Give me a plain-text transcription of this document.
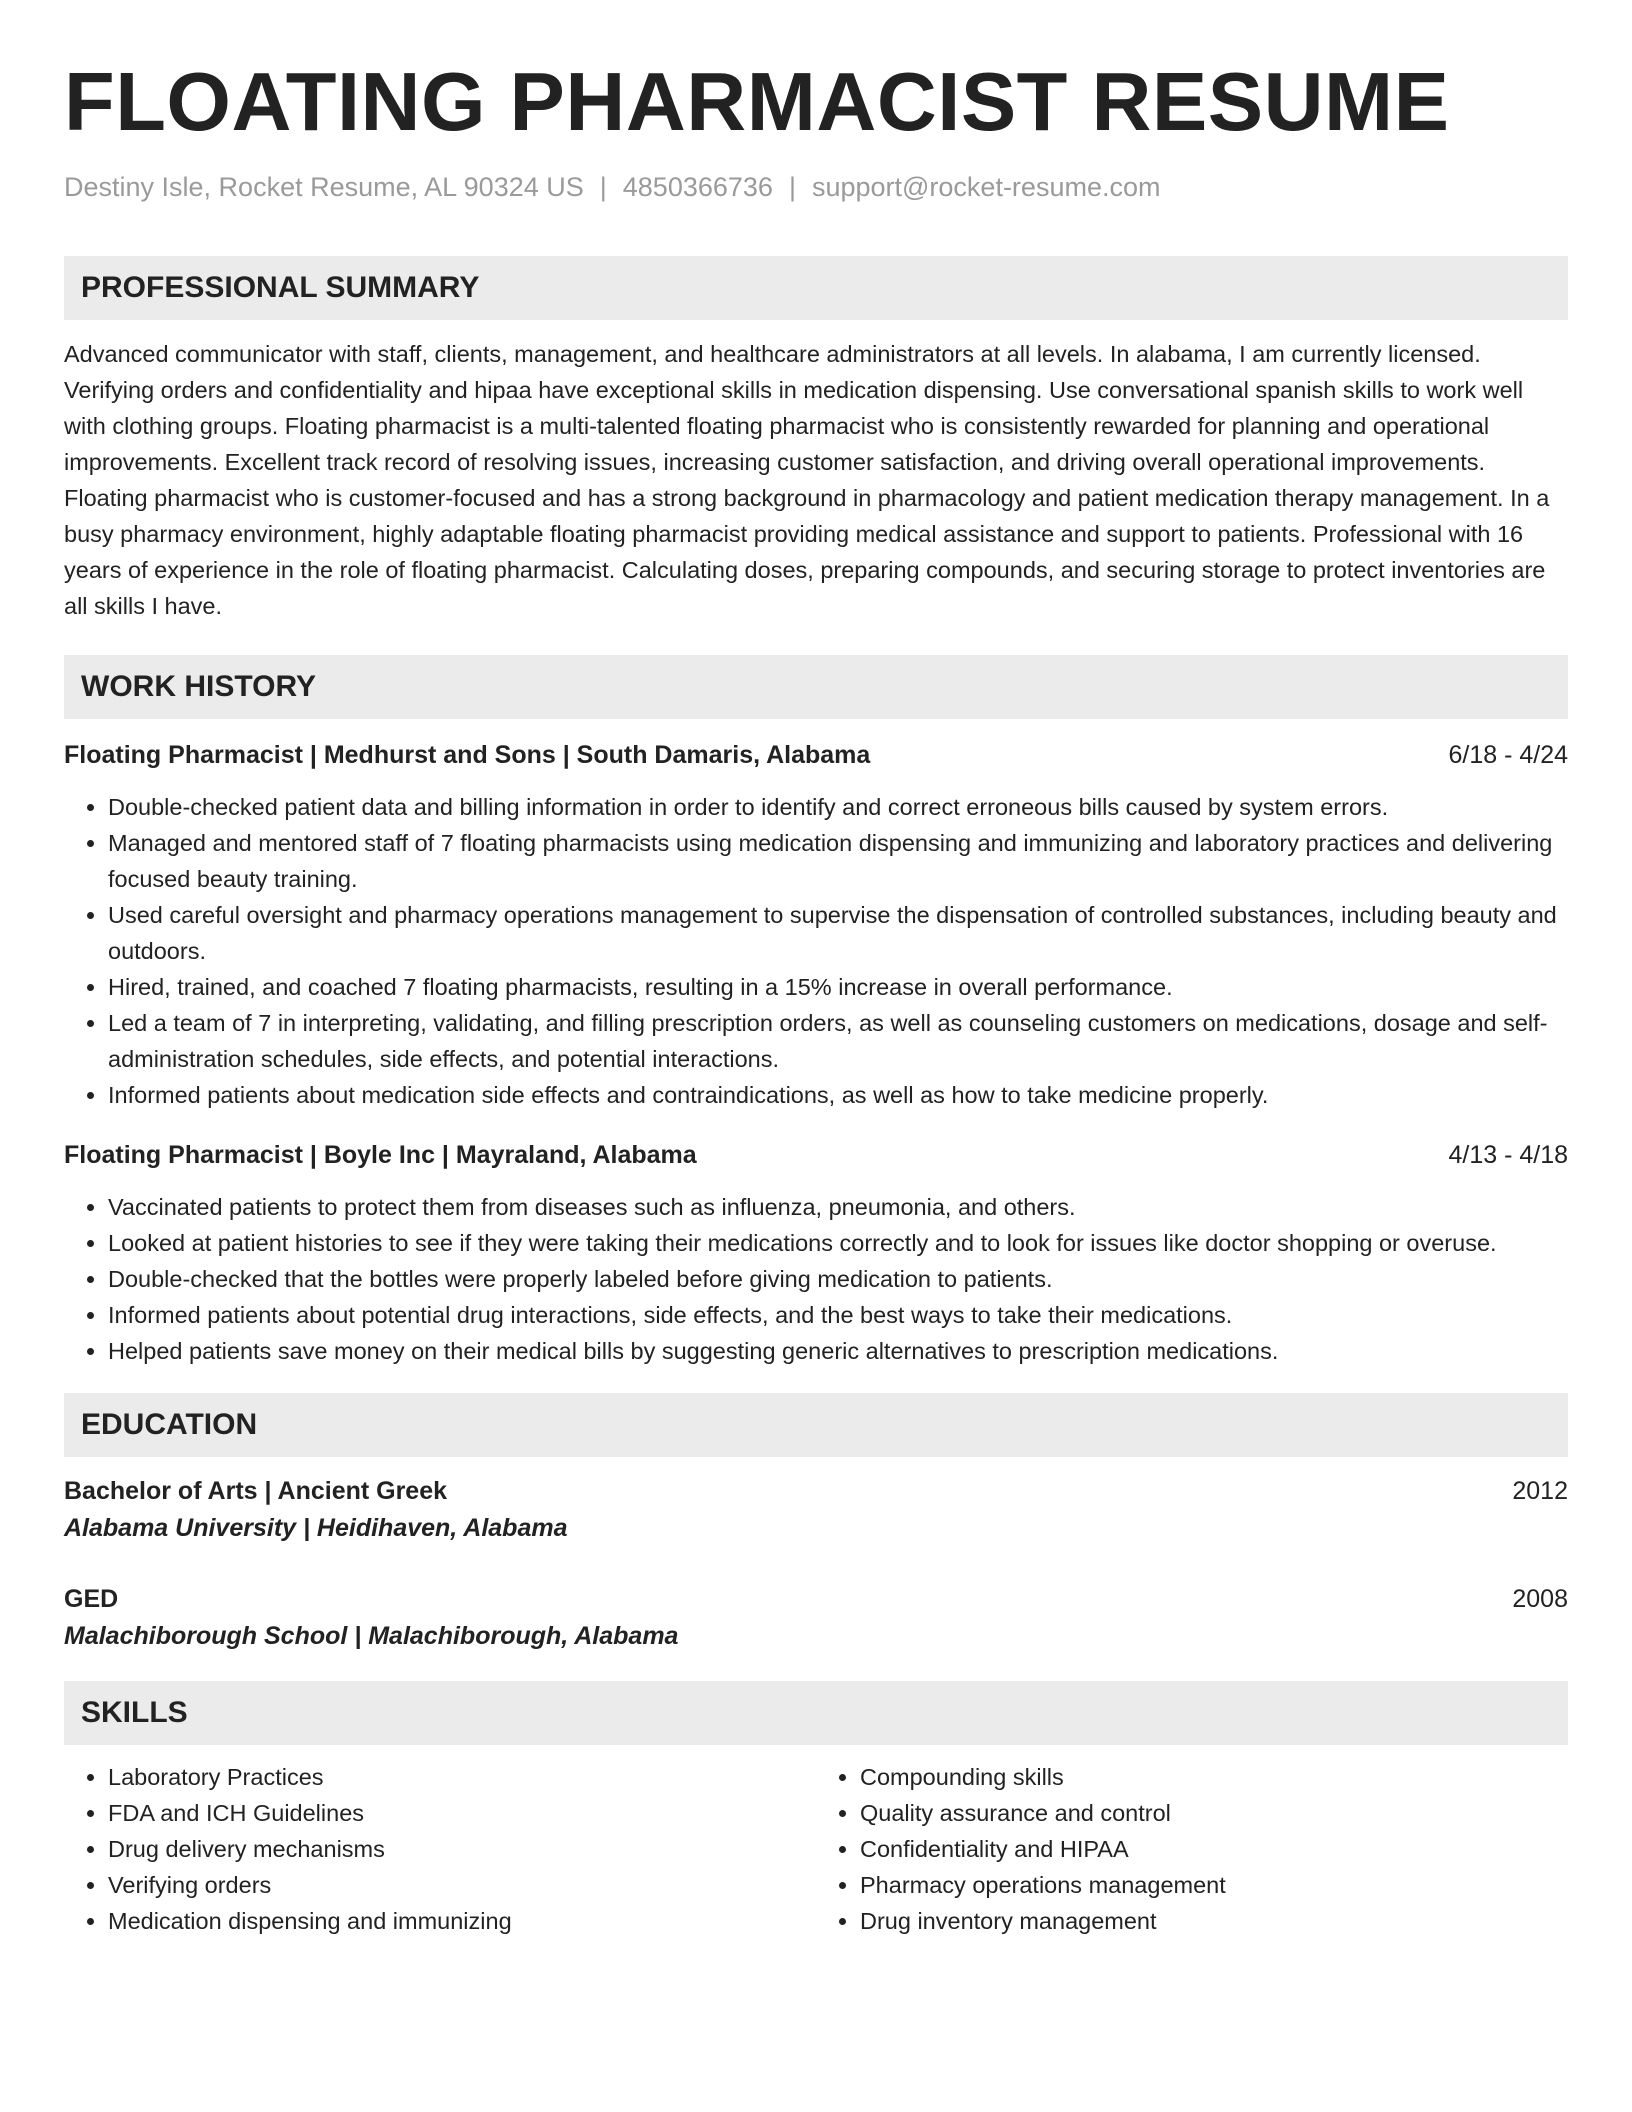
FLOATING PHARMACIST RESUME
Destiny Isle, Rocket Resume, AL 90324 US | 4850366736 | support@rocket-resume.com
PROFESSIONAL SUMMARY

Advanced communicator with staff, clients, management, and healthcare administrators at all levels. In alabama, I am currently licensed. Verifying orders and confidentiality and hipaa have exceptional skills in medication dispensing. Use conversational spanish skills to work well with clothing groups. Floating pharmacist is a multi-talented floating pharmacist who is consistently rewarded for planning and operational improvements. Excellent track record of resolving issues, increasing customer satisfaction, and driving overall operational improvements. Floating pharmacist who is customer-focused and has a strong background in pharmacology and patient medication therapy management. In a busy pharmacy environment, highly adaptable floating pharmacist providing medical assistance and support to patients. Professional with 16 years of experience in the role of floating pharmacist. Calculating doses, preparing compounds, and securing storage to protect inventories are all skills I have.

WORK HISTORY
Floating Pharmacist | Medhurst and Sons | South Damaris, Alabama	6/18 - 4/24
• Double-checked patient data and billing information in order to identify and correct erroneous bills caused by system errors.
• Managed and mentored staff of 7 floating pharmacists using medication dispensing and immunizing and laboratory practices and delivering focused beauty training.
• Used careful oversight and pharmacy operations management to supervise the dispensation of controlled substances, including beauty and outdoors.
• Hired, trained, and coached 7 floating pharmacists, resulting in a 15% increase in overall performance.
• Led a team of 7 in interpreting, validating, and filling prescription orders, as well as counseling customers on medications, dosage and self-administration schedules, side effects, and potential interactions.
• Informed patients about medication side effects and contraindications, as well as how to take medicine properly.
Floating Pharmacist | Boyle Inc | Mayraland, Alabama	4/13 - 4/18
• Vaccinated patients to protect them from diseases such as influenza, pneumonia, and others.
• Looked at patient histories to see if they were taking their medications correctly and to look for issues like doctor shopping or overuse.
• Double-checked that the bottles were properly labeled before giving medication to patients.
• Informed patients about potential drug interactions, side effects, and the best ways to take their medications.
• Helped patients save money on their medical bills by suggesting generic alternatives to prescription medications.
EDUCATION
Bachelor of Arts | Ancient Greek	2012
Alabama University | Heidihaven, Alabama
GED	2008
Malachiborough School | Malachiborough, Alabama
SKILLS
• Laboratory Practices
• FDA and ICH Guidelines
• Drug delivery mechanisms
• Verifying orders
• Medication dispensing and immunizing
• Compounding skills
• Quality assurance and control
• Confidentiality and HIPAA
• Pharmacy operations management
• Drug inventory management
